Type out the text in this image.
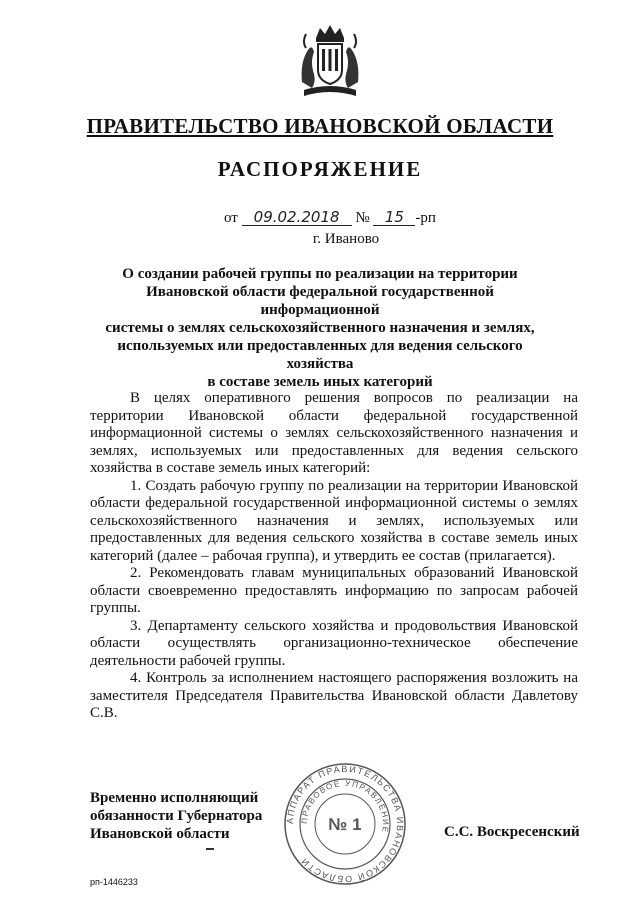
ПРАВИТЕЛЬСТВО ИВАНОВСКОЙ ОБЛАСТИ
РАСПОРЯЖЕНИЕ
от 09.02.2018 № 15 -рп
г. Иваново
О создании рабочей группы по реализации на территории
Ивановской области федеральной государственной информационной
системы о землях сельскохозяйственного назначения и землях,
используемых или предоставленных для ведения сельского хозяйства
в составе земель иных категорий

В целях оперативного решения вопросов по реализации на территории Ивановской области федеральной государственной информационной системы о землях сельскохозяйственного назначения и землях, используемых или предоставленных для ведения сельского хозяйства в составе земель иных категорий:

1. Создать рабочую группу по реализации на территории Ивановской области федеральной государственной информационной системы о землях сельскохозяйственного назначения и землях, используемых или предоставленных для ведения сельского хозяйства в составе земель иных категорий (далее – рабочая группа), и утвердить ее состав (прилагается).

2. Рекомендовать главам муниципальных образований Ивановской области своевременно предоставлять информацию по запросам рабочей группы.

3. Департаменту сельского хозяйства и продовольствия Ивановской области осуществлять организационно-техническое обеспечение деятельности рабочей группы.

4. Контроль за исполнением настоящего распоряжения возложить на заместителя Председателя Правительства Ивановской области Давлетову С.В.

Временно исполняющий
обязанности Губернатора
Ивановской области
АППАРАТ ПРАВИТЕЛЬСТВА ИВАНОВСКОЙ ОБЛАСТИ
ПРАВОВОЕ УПРАВЛЕНИЕ
№ 1	С.С. Воскресенский
рп-1446233
